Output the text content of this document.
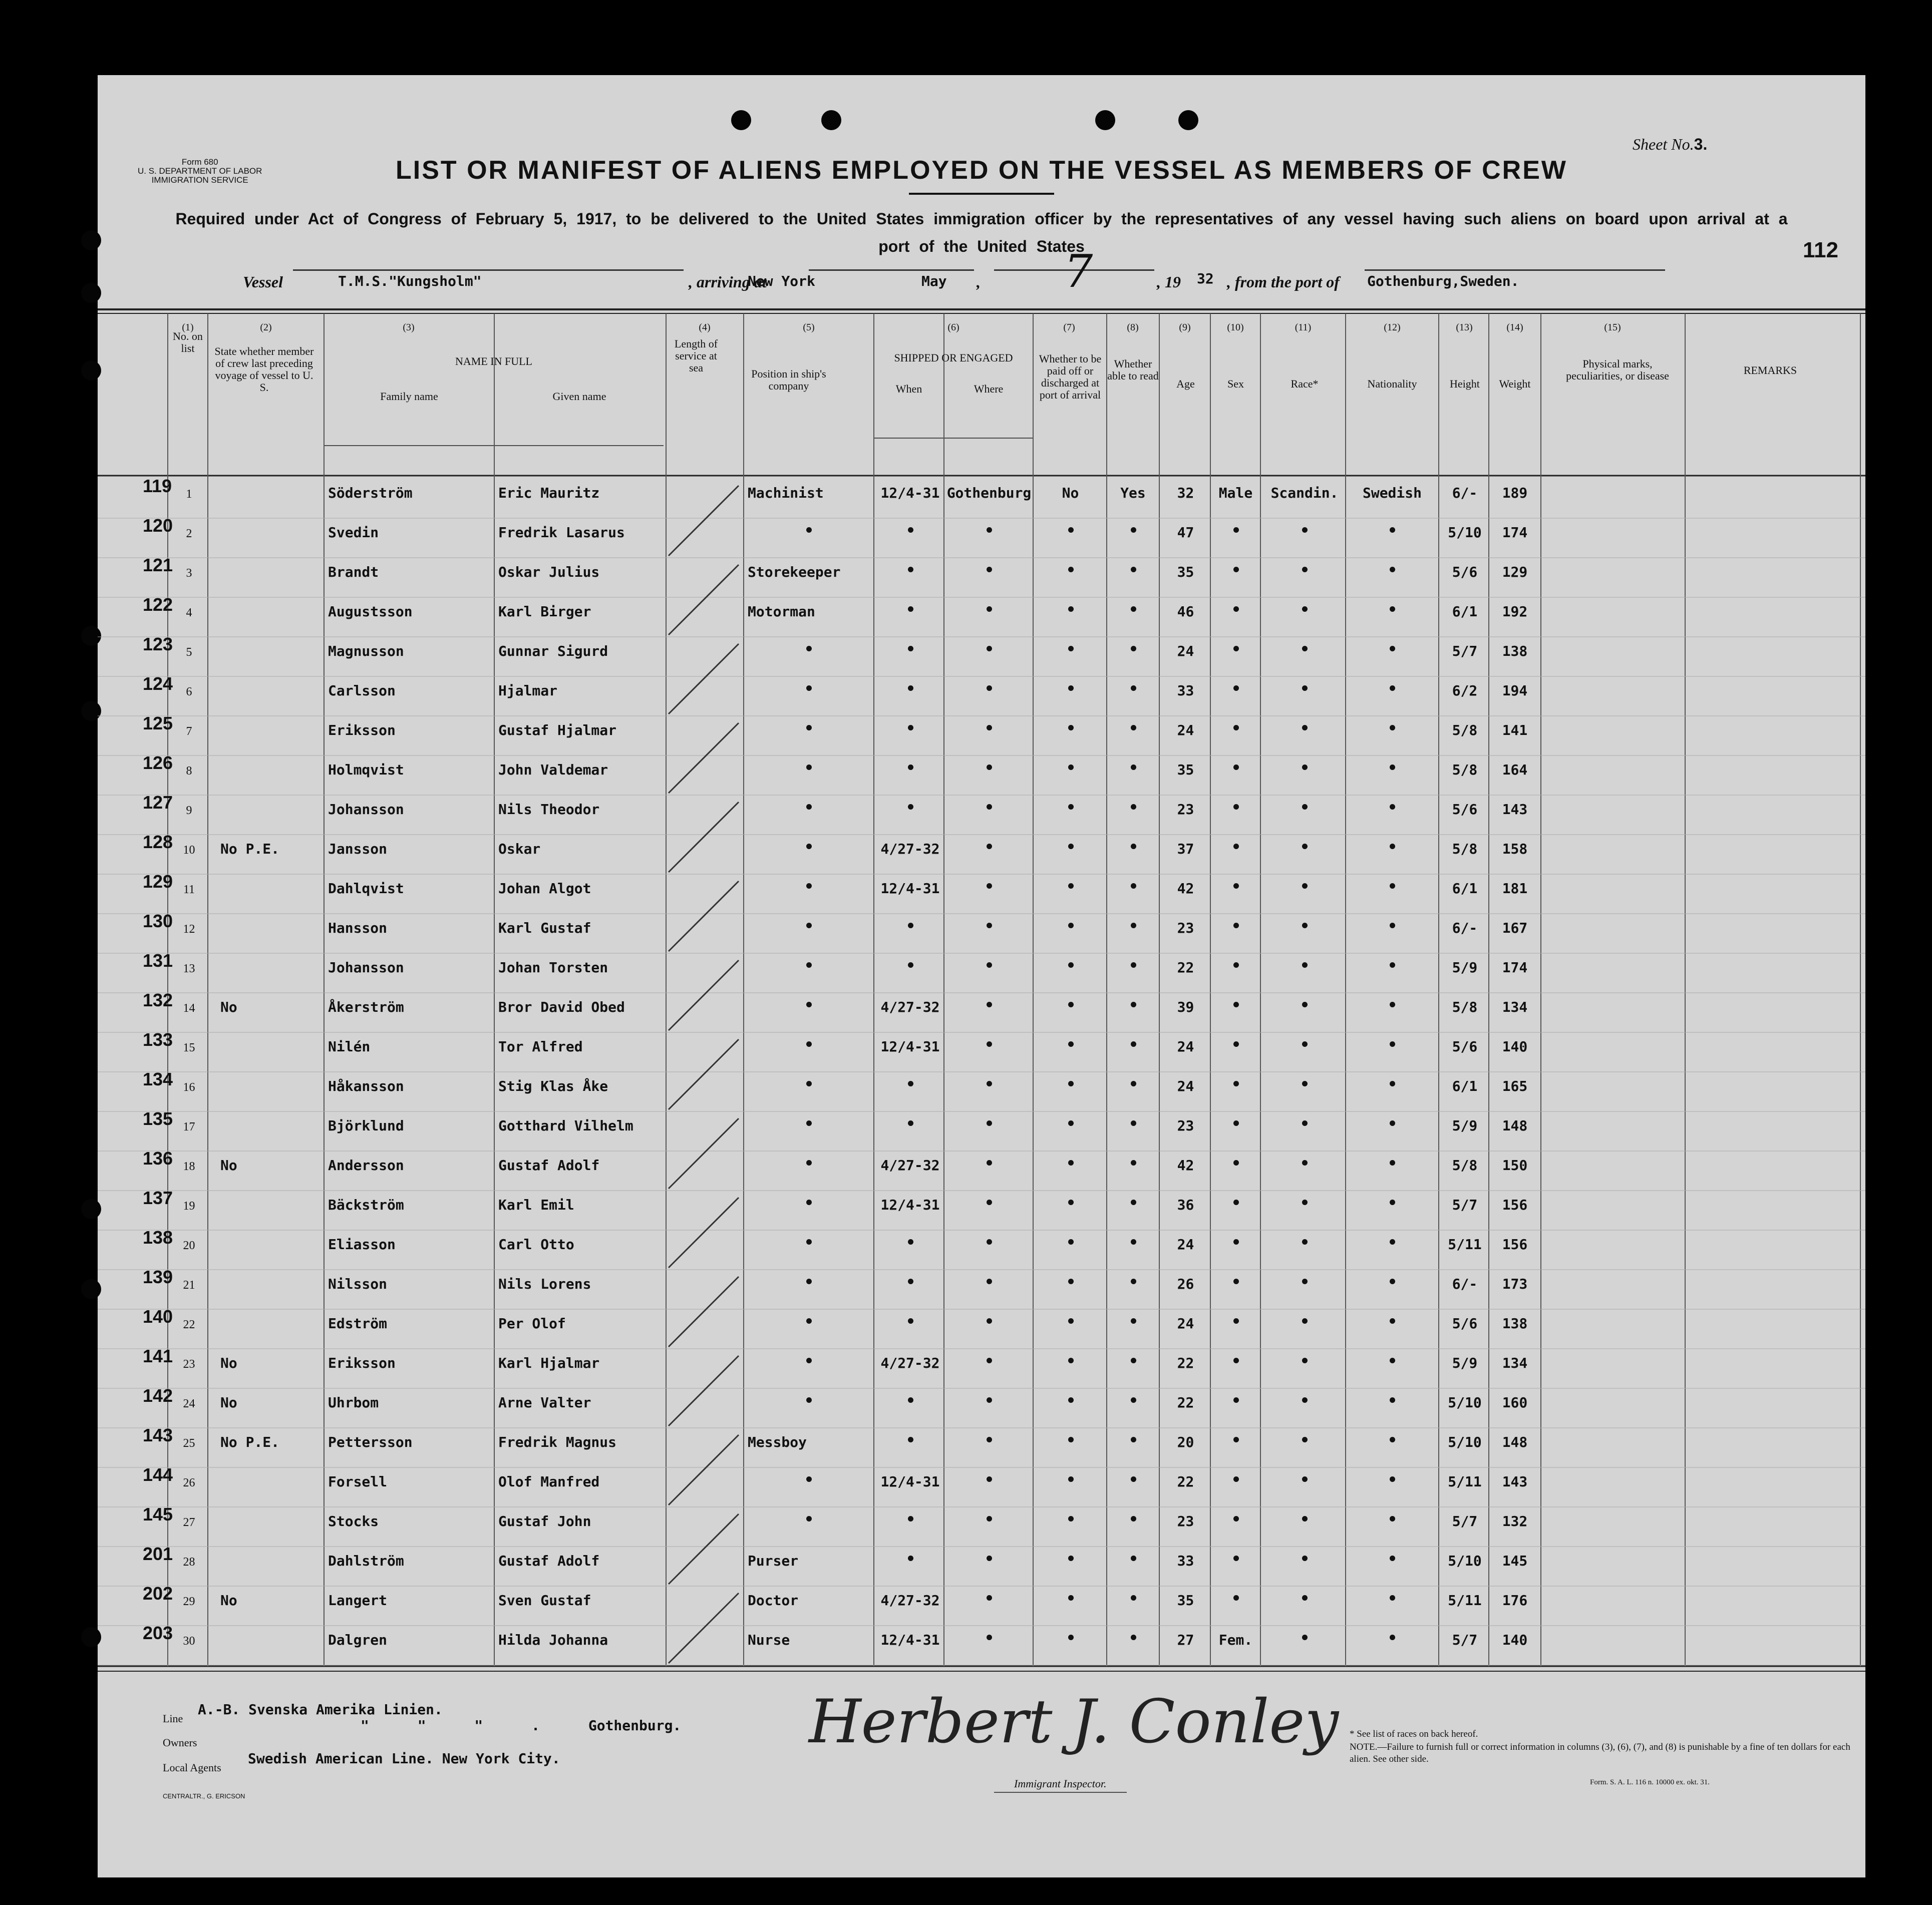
Form 680
U. S. DEPARTMENT OF LABOR
IMMIGRATION SERVICE
Sheet No.3.
LIST OR MANIFEST OF ALIENS EMPLOYED ON THE VESSEL AS MEMBERS OF CREW
Required under Act of Congress of February 5, 1917, to be delivered to the United States immigration officer by the representatives of any vessel having such aliens on board upon arrival at a port of the United States	112
Vessel	T.M.S."Kungsholm"	, arriving at
New York	,
May	7	, 19 32 , from the port of Gothenburg,Sweden.
No. on list	State whether member of crew last preceding voyage of vessel to U. S.
NAME IN FULL
Family name	Given name
Length of service at sea	Position in ship's company
SHIPPED OR ENGAGED
When	Where
Whether to be paid off or discharged at port of arrival
Whether able to read
Age	Sex	Race*	Nationality	Height	Weight
Physical marks, peculiarities, or disease	REMARKS
(1)	(2)	(3)	(4)	(5)	(6)	(7)	(8)	(9)	(10)	(11)	(12)	(13)	(14)	(15)
119	1	Söderström	Eric Mauritz	Machinist	12/4-31 Gothenburg	No	Yes	32	Male	Scandin.	Swedish	6/-	189
120	2	Svedin	Fredrik Lasarus	47	5/10	174
121	3	Brandt	Oskar Julius	Storekeeper	35	5/6	129
122	4	Augustsson	Karl Birger	Motorman	46	6/1	192
123	5	Magnusson	Gunnar Sigurd	24	5/7	138
124	6	Carlsson	Hjalmar	33	6/2	194
125	7	Eriksson	Gustaf Hjalmar	24	5/8	141
126	8	Holmqvist	John Valdemar	35	5/8	164
127	9	Johansson	Nils Theodor	23	5/6	143
128 10	No P.E.	Jansson	Oskar	4/27-32	37	5/8	158
129 11	Dahlqvist	Johan Algot	12/4-31	42	6/1	181
130 12	Hansson	Karl Gustaf	23	6/-	167
131 13	Johansson	Johan Torsten	22	5/9	174
132 14	No	Åkerström	Bror David Obed	4/27-32	39	5/8	134
133 15	Nilén	Tor Alfred	12/4-31	24	5/6	140
134 16	Håkansson	Stig Klas Åke	24	6/1	165
135 17	Björklund	Gotthard Vilhelm	23	5/9	148
136 18	No	Andersson	Gustaf Adolf	4/27-32	42	5/8	150
137 19	Bäckström	Karl Emil	12/4-31	36	5/7	156
138 20	Eliasson	Carl Otto	24	5/11	156
139 21	Nilsson	Nils Lorens	26	6/-	173
140 22	Edström	Per Olof	24	5/6	138
141 23	No	Eriksson	Karl Hjalmar	4/27-32	22	5/9	134
142 24	No	Uhrbom	Arne Valter	22	5/10	160
143 25	No P.E.	Pettersson	Fredrik Magnus	Messboy	20	5/10	148
144 26	Forsell	Olof Manfred	12/4-31	22	5/11	143
145 27	Stocks	Gustaf John	23	5/7	132
201 28	Dahlström	Gustaf Adolf	Purser	33	5/10	145
202 29	No	Langert	Sven Gustaf	Doctor	4/27-32	35	5/11	176
203 30	Dalgren	Hilda Johanna	Nurse	12/4-31	27	Fem.	5/7	140
Line
A.-B. Svenska Amerika Linien.
Owners
" " " . Gothenburg.
Local Agents
Swedish American Line. New York City.
CENTRALTR., G. ERICSON
Herbert J. Conley
Immigrant Inspector.
* See list of races on back hereof.
NOTE.—Failure to furnish full or correct information in columns (3), (6), (7), and (8) is punishable by a fine of ten dollars for each alien. See other side.
Form. S. A. L. 116 n. 10000 ex. okt. 31.
